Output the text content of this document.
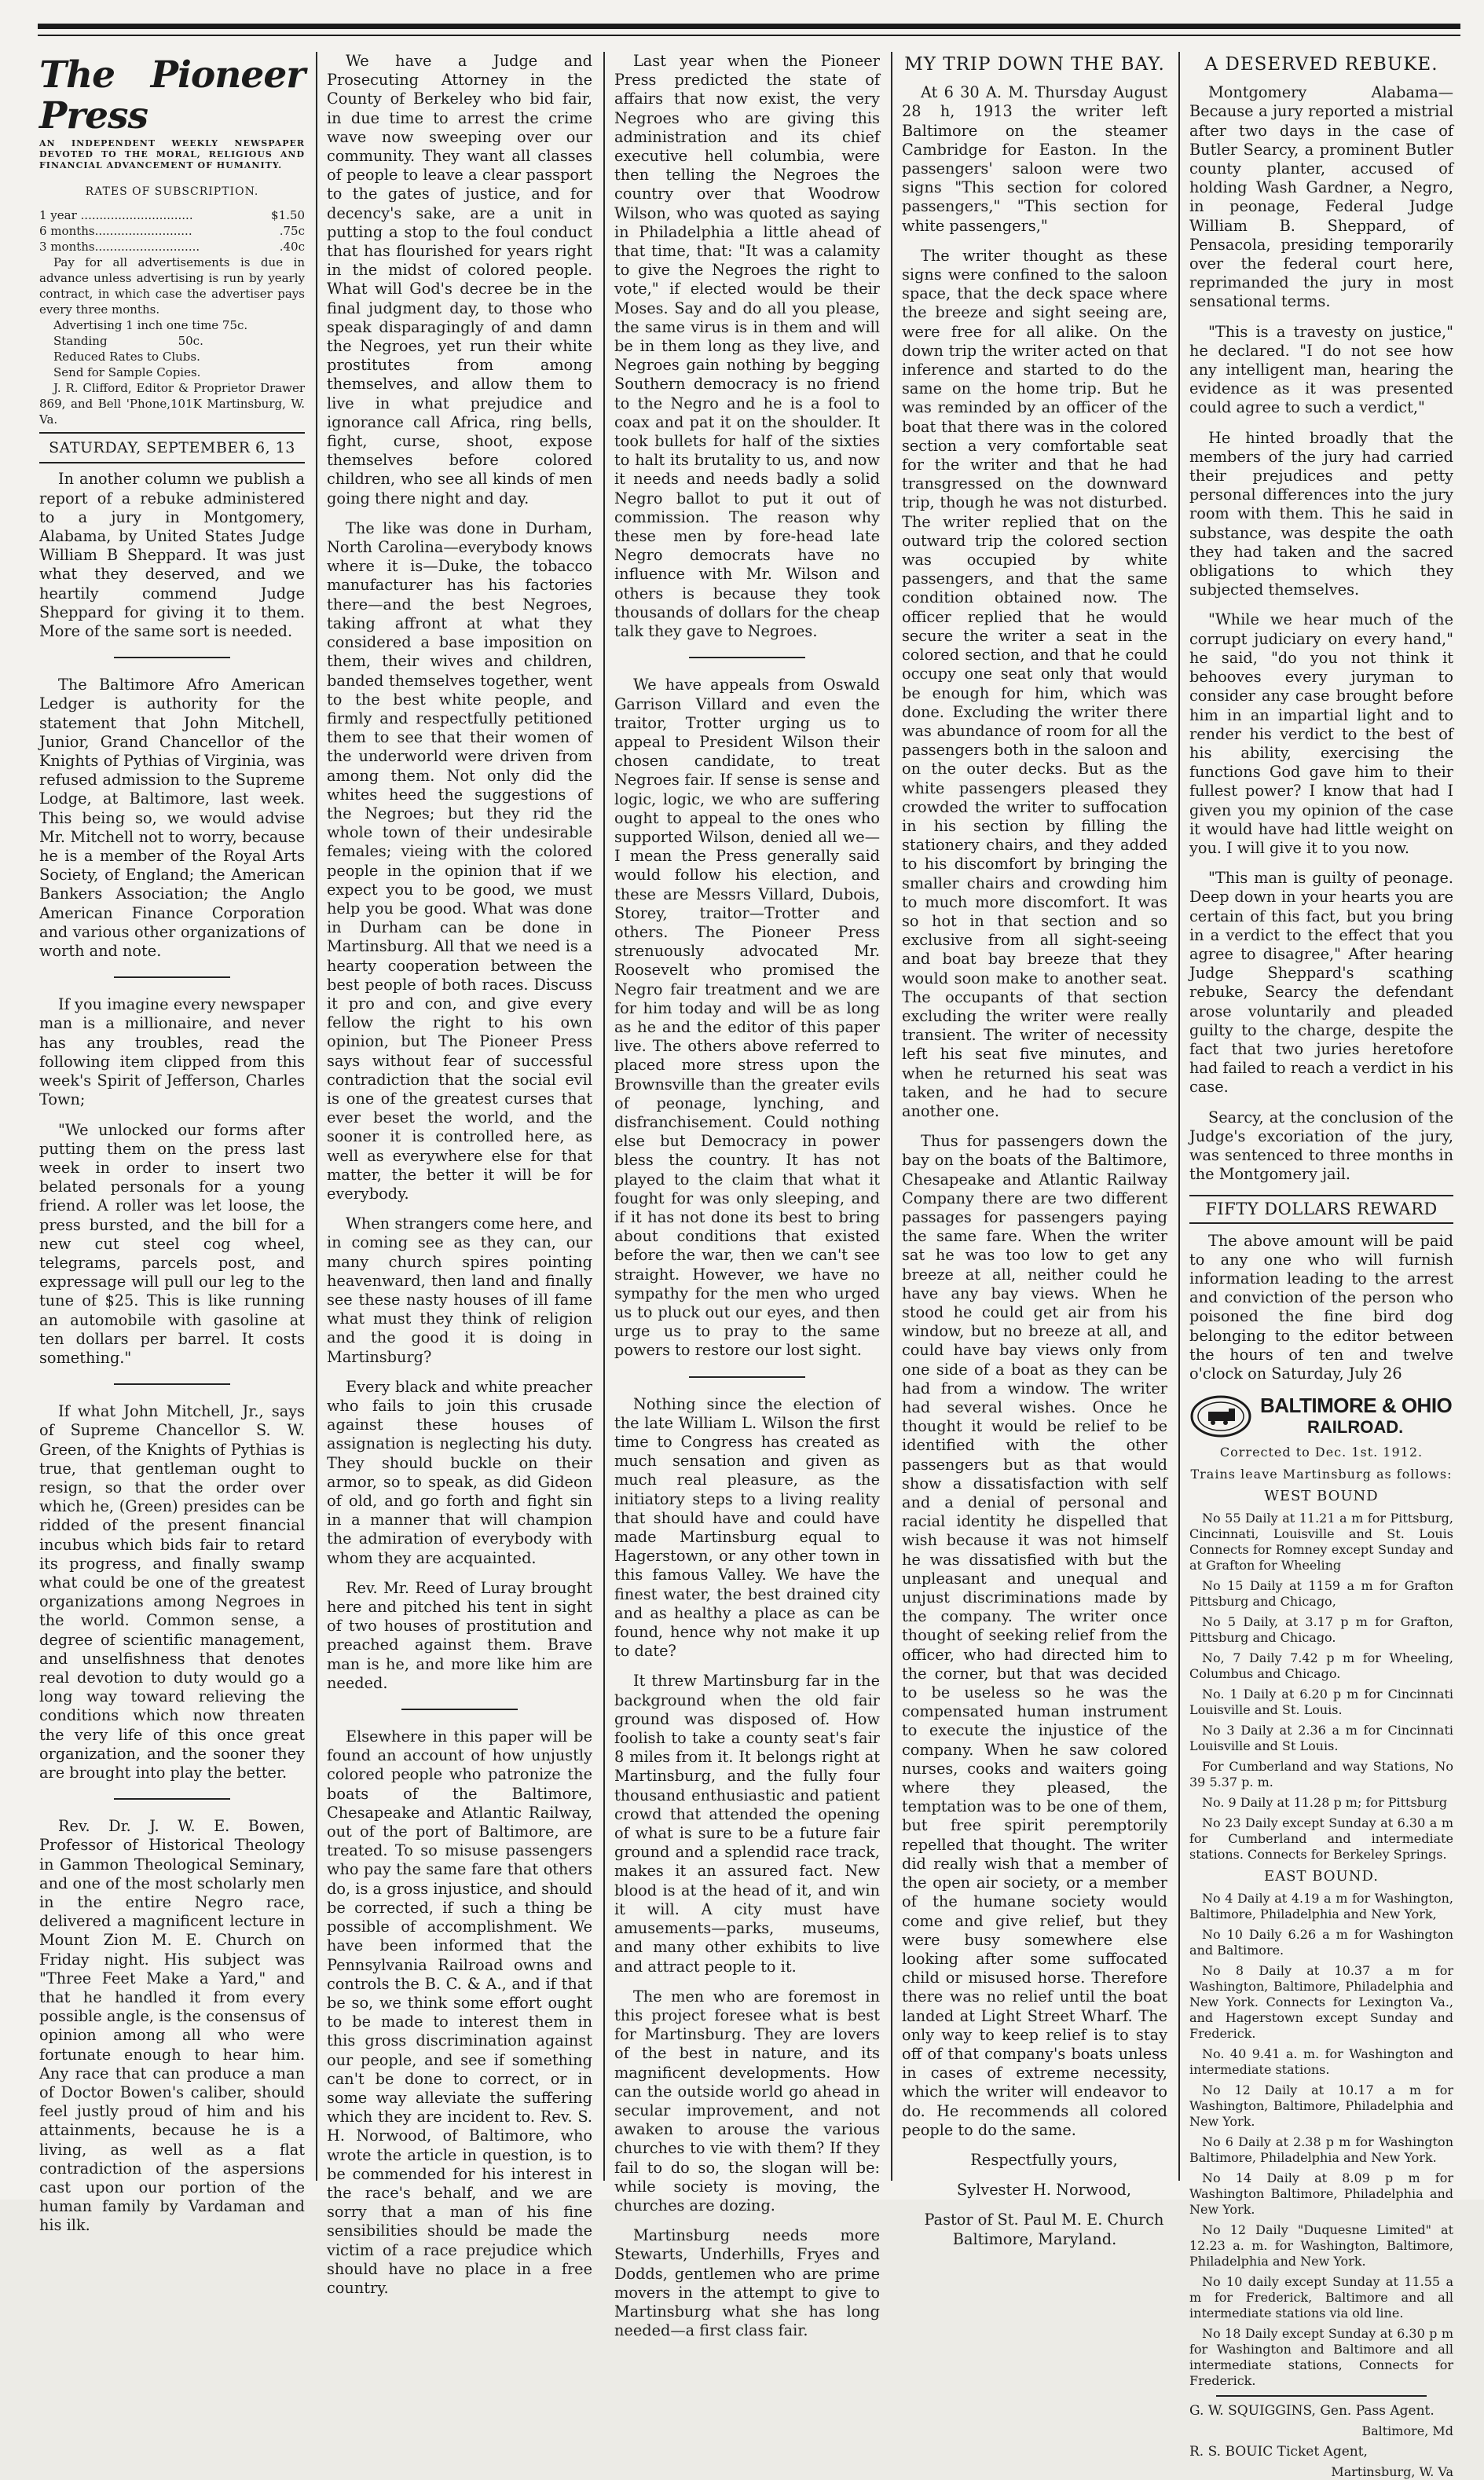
The Pioneer Press
AN INDEPENDENT WEEKLY NEWSPAPER DEVOTED TO THE MORAL, RELIGIOUS AND FINANCIAL ADVANCEMENT OF HUMANITY.
RATES OF SUBSCRIPTION.
1 year ..............................	$1.50
6 months..........................	.75c
3 months............................	.40c
Pay for all advertisements is due in advance unless advertising is run by yearly contract, in which case the advertiser pays every three months.
Advertising 1 inch one time 75c.
Standing	50c.
Reduced Rates to Clubs.
Send for Sample Copies.
J. R. Clifford, Editor & Proprietor Drawer 869, and Bell 'Phone,101K Martinsburg, W. Va.
SATURDAY, SEPTEMBER 6, 13

In another column we publish a report of a rebuke administered to a jury in Montgomery, Alabama, by United States Judge William B Sheppard. It was just what they deserved, and we heartily commend Judge Sheppard for giving it to them. More of the same sort is needed.

The Baltimore Afro American Ledger is authority for the statement that John Mitchell, Junior, Grand Chancellor of the Knights of Pythias of Virginia, was refused admission to the Supreme Lodge, at Baltimore, last week. This being so, we would advise Mr. Mitchell not to worry, because he is a member of the Royal Arts Society, of England; the American Bankers Association; the Anglo American Finance Corporation and various other organizations of worth and note.

If you imagine every newspaper man is a millionaire, and never has any troubles, read the following item clipped from this week's Spirit of Jefferson, Charles Town;

"We unlocked our forms after putting them on the press last week in order to insert two belated personals for a young friend. A roller was let loose, the press bursted, and the bill for a new cut steel cog wheel, telegrams, parcels post, and expressage will pull our leg to the tune of $25. This is like running an automobile with gasoline at ten dollars per barrel. It costs something."

If what John Mitchell, Jr., says of Supreme Chancellor S. W. Green, of the Knights of Pythias is true, that gentleman ought to resign, so that the order over which he, (Green) presides can be ridded of the present financial incubus which bids fair to retard its progress, and finally swamp what could be one of the greatest organizations among Negroes in the world. Common sense, a degree of scientific management, and unselfishness that denotes real devotion to duty would go a long way toward relieving the conditions which now threaten the very life of this once great organization, and the sooner they are brought into play the better.

Rev. Dr. J. W. E. Bowen, Professor of Historical Theology in Gammon Theological Seminary, and one of the most scholarly men in the entire Negro race, delivered a magnificent lecture in Mount Zion M. E. Church on Friday night. His subject was "Three Feet Make a Yard," and that he handled it from every possible angle, is the consensus of opinion among all who were fortunate enough to hear him. Any race that can produce a man of Doctor Bowen's caliber, should feel justly proud of him and his attainments, because he is a living, as well as a flat contradiction of the aspersions cast upon our portion of the human family by Vardaman and his ilk.

We have a Judge and Prosecuting Attorney in the County of Berkeley who bid fair, in due time to arrest the crime wave now sweeping over our community. They want all classes of people to leave a clear passport to the gates of justice, and for decency's sake, are a unit in putting a stop to the foul conduct that has flourished for years right in the midst of colored people. What will God's decree be in the final judgment day, to those who speak disparagingly of and damn the Negroes, yet run their white prostitutes from among themselves, and allow them to live in what prejudice and ignorance call Africa, ring bells, fight, curse, shoot, expose themselves before colored children, who see all kinds of men going there night and day.

The like was done in Durham, North Carolina—everybody knows where it is—Duke, the tobacco manufacturer has his factories there—and the best Negroes, taking affront at what they considered a base imposition on them, their wives and children, banded themselves together, went to the best white people, and firmly and respectfully petitioned them to see that their women of the underworld were driven from among them. Not only did the whites heed the suggestions of the Negroes; but they rid the whole town of their undesirable females; vieing with the colored people in the opinion that if we expect you to be good, we must help you be good. What was done in Durham can be done in Martinsburg. All that we need is a hearty cooperation between the best people of both races. Discuss it pro and con, and give every fellow the right to his own opinion, but The Pioneer Press says without fear of successful contradiction that the social evil is one of the greatest curses that ever beset the world, and the sooner it is controlled here, as well as everywhere else for that matter, the better it will be for everybody.

When strangers come here, and in coming see as they can, our many church spires pointing heavenward, then land and finally see these nasty houses of ill fame what must they think of religion and the good it is doing in Martinsburg?

Every black and white preacher who fails to join this crusade against these houses of assignation is neglecting his duty. They should buckle on their armor, so to speak, as did Gideon of old, and go forth and fight sin in a manner that will champion the admiration of everybody with whom they are acquainted.

Rev. Mr. Reed of Luray brought here and pitched his tent in sight of two houses of prostitution and preached against them. Brave man is he, and more like him are needed.

Elsewhere in this paper will be found an account of how unjustly colored people who patronize the boats of the Baltimore, Chesapeake and Atlantic Railway, out of the port of Baltimore, are treated. To so misuse passengers who pay the same fare that others do, is a gross injustice, and should be corrected, if such a thing be possible of accomplishment. We have been informed that the Pennsylvania Railroad owns and controls the B. C. & A., and if that be so, we think some effort ought to be made to interest them in this gross discrimination against our people, and see if something can't be done to correct, or in some way alleviate the suffering which they are incident to. Rev. S. H. Norwood, of Baltimore, who wrote the article in question, is to be commended for his interest in the race's behalf, and we are sorry that a man of his fine sensibilities should be made the victim of a race prejudice which should have no place in a free country.

Last year when the Pioneer Press predicted the state of affairs that now exist, the very Negroes who are giving this administration and its chief executive hell columbia, were then telling the Negroes the country over that Woodrow Wilson, who was quoted as saying in Philadelphia a little ahead of that time, that: "It was a calamity to give the Negroes the right to vote," if elected would be their Moses. Say and do all you please, the same virus is in them and will be in them long as they live, and Negroes gain nothing by begging Southern democracy is no friend to the Negro and he is a fool to coax and pat it on the shoulder. It took bullets for half of the sixties to halt its brutality to us, and now it needs and needs badly a solid Negro ballot to put it out of commission. The reason why these men by fore-head late Negro democrats have no influence with Mr. Wilson and others is because they took thousands of dollars for the cheap talk they gave to Negroes.

We have appeals from Oswald Garrison Villard and even the traitor, Trotter urging us to appeal to President Wilson their chosen candidate, to treat Negroes fair. If sense is sense and logic, logic, we who are suffering ought to appeal to the ones who supported Wilson, denied all we—I mean the Press generally said would follow his election, and these are Messrs Villard, Dubois, Storey, traitor—Trotter and others. The Pioneer Press strenuously advocated Mr. Roosevelt who promised the Negro fair treatment and we are for him today and will be as long as he and the editor of this paper live. The others above referred to placed more stress upon the Brownsville than the greater evils of peonage, lynching, and disfranchisement. Could nothing else but Democracy in power bless the country. It has not played to the claim that what it fought for was only sleeping, and if it has not done its best to bring about conditions that existed before the war, then we can't see straight. However, we have no sympathy for the men who urged us to pluck out our eyes, and then urge us to pray to the same powers to restore our lost sight.

Nothing since the election of the late William L. Wilson the first time to Congress has created as much sensation and given as much real pleasure, as the initiatory steps to a living reality that should have and could have made Martinsburg equal to Hagerstown, or any other town in this famous Valley. We have the finest water, the best drained city and as healthy a place as can be found, hence why not make it up to date?

It threw Martinsburg far in the background when the old fair ground was disposed of. How foolish to take a county seat's fair 8 miles from it. It belongs right at Martinsburg, and the fully four thousand enthusiastic and patient crowd that attended the opening of what is sure to be a future fair ground and a splendid race track, makes it an assured fact. New blood is at the head of it, and win it will. A city must have amusements—parks, museums, and many other exhibits to live and attract people to it.

The men who are foremost in this project foresee what is best for Martinsburg. They are lovers of the best in nature, and its magnificent developments. How can the outside world go ahead in secular improvement, and not awaken to arouse the various churches to vie with them? If they fail to do so, the slogan will be: while society is moving, the churches are dozing.

Martinsburg needs more Stewarts, Underhills, Fryes and Dodds, gentlemen who are prime movers in the attempt to give to Martinsburg what she has long needed—a first class fair.

MY TRIP DOWN THE BAY.

At 6 30 A. M. Thursday August 28 h, 1913 the writer left Baltimore on the steamer Cambridge for Easton. In the passengers' saloon were two signs "This section for colored passengers," "This section for white passengers,"

The writer thought as these signs were confined to the saloon space, that the deck space where the breeze and sight seeing are, were free for all alike. On the down trip the writer acted on that inference and started to do the same on the home trip. But he was reminded by an officer of the boat that there was in the colored section a very comfortable seat for the writer and that he had transgressed on the downward trip, though he was not disturbed. The writer replied that on the outward trip the colored section was occupied by white passengers, and that the same condition obtained now. The officer replied that he would secure the writer a seat in the colored section, and that he could occupy one seat only that would be enough for him, which was done. Excluding the writer there was abundance of room for all the passengers both in the saloon and on the outer decks. But as the white passengers pleased they crowded the writer to suffocation in his section by filling the stationery chairs, and they added to his discomfort by bringing the smaller chairs and crowding him to much more discomfort. It was so hot in that section and so exclusive from all sight-seeing and boat bay breeze that they would soon make to another seat. The occupants of that section excluding the writer were really transient. The writer of necessity left his seat five minutes, and when he returned his seat was taken, and he had to secure another one.

Thus for passengers down the bay on the boats of the Baltimore, Chesapeake and Atlantic Railway Company there are two different passages for passengers paying the same fare. When the writer sat he was too low to get any breeze at all, neither could he have any bay views. When he stood he could get air from his window, but no breeze at all, and could have bay views only from one side of a boat as they can be had from a window. The writer had several wishes. Once he thought it would be relief to be identified with the other passengers but as that would show a dissatisfaction with self and a denial of personal and racial identity he dispelled that wish because it was not himself he was dissatisfied with but the unpleasant and unequal and unjust discriminations made by the company. The writer once thought of seeking relief from the officer, who had directed him to the corner, but that was decided to be useless so he was the compensated human instrument to execute the injustice of the company. When he saw colored nurses, cooks and waiters going where they pleased, the temptation was to be one of them, but free spirit peremptorily repelled that thought. The writer did really wish that a member of the open air society, or a member of the humane society would come and give relief, but they were busy somewhere else looking after some suffocated child or misused horse. Therefore there was no relief until the boat landed at Light Street Wharf. The only way to keep relief is to stay off of that company's boats unless in cases of extreme necessity, which the writer will endeavor to do. He recommends all colored people to do the same.

Respectfully yours,

Sylvester H. Norwood,

Pastor of St. Paul M. E. Church Baltimore, Maryland.

A DESERVED REBUKE.

Montgomery Alabama—Because a jury reported a mistrial after two days in the case of Butler Searcy, a prominent Butler county planter, accused of holding Wash Gardner, a Negro, in peonage, Federal Judge William B. Sheppard, of Pensacola, presiding temporarily over the federal court here, reprimanded the jury in most sensational terms.

"This is a travesty on justice," he declared. "I do not see how any intelligent man, hearing the evidence as it was presented could agree to such a verdict,"

He hinted broadly that the members of the jury had carried their prejudices and petty personal differences into the jury room with them. This he said in substance, was despite the oath they had taken and the sacred obligations to which they subjected themselves.

"While we hear much of the corrupt judiciary on every hand," he said, "do you not think it behooves every juryman to consider any case brought before him in an impartial light and to render his verdict to the best of his ability, exercising the functions God gave him to their fullest power? I know that had I given you my opinion of the case it would have had little weight on you. I will give it to you now.

"This man is guilty of peonage. Deep down in your hearts you are certain of this fact, but you bring in a verdict to the effect that you agree to disagree," After hearing Judge Sheppard's scathing rebuke, Searcy the defendant arose voluntarily and pleaded guilty to the charge, despite the fact that two juries heretofore had failed to reach a verdict in his case.

Searcy, at the conclusion of the Judge's excoriation of the jury, was sentenced to three months in the Montgomery jail.

FIFTY DOLLARS REWARD

The above amount will be paid to any one who will furnish information leading to the arrest and conviction of the person who poisoned the fine bird dog belonging to the editor between the hours of ten and twelve o'clock on Saturday, July 26

BALTIMORE & OHIO
RAILROAD.
Corrected to Dec. 1st. 1912.
Trains leave Martinsburg as follows:
WEST BOUND

No 55 Daily at 11.21 a m for Pittsburg, Cincinnati, Louisville and St. Louis Connects for Romney except Sunday and at Grafton for Wheeling

No 15 Daily at 1159 a m for Grafton Pittsburg and Chicago,

No 5 Daily, at 3.17 p m for Grafton, Pittsburg and Chicago.

No, 7 Daily 7.42 p m for Wheeling, Columbus and Chicago.

No. 1 Daily at 6.20 p m for Cincinnati Louisville and St. Louis.

No 3 Daily at 2.36 a m for Cincinnati Louisville and St Louis.

For Cumberland and way Stations, No 39 5.37 p. m.

No. 9 Daily at 11.28 p m; for Pittsburg

No 23 Daily except Sunday at 6.30 a m for Cumberland and intermediate stations. Connects for Berkeley Springs.

EAST BOUND.

No 4 Daily at 4.19 a m for Washington, Baltimore, Philadelphia and New York,

No 10 Daily 6.26 a m for Washington and Baltimore.

No 8 Daily at 10.37 a m for Washington, Baltimore, Philadelphia and New York. Connects for Lexington Va., and Hagerstown except Sunday and Frederick.

No. 40 9.41 a. m. for Washington and intermediate stations.

No 12 Daily at 10.17 a m for Washington, Baltimore, Philadelphia and New York.

No 6 Daily at 2.38 p m for Washington Baltimore, Philadelphia and New York.

No 14 Daily at 8.09 p m for Washington Baltimore, Philadelphia and New York.

No 12 Daily "Duquesne Limited" at 12.23 a. m. for Washington, Baltimore, Philadelphia and New York.

No 10 daily except Sunday at 11.55 a m for Frederick, Baltimore and all intermediate stations via old line.

No 18 Daily except Sunday at 6.30 p m for Washington and Baltimore and all intermediate stations, Connects for Frederick.

G. W. SQUIGGINS, Gen. Pass Agent.

Baltimore, Md

R. S. BOUIC Ticket Agent,

Martinsburg, W. Va
